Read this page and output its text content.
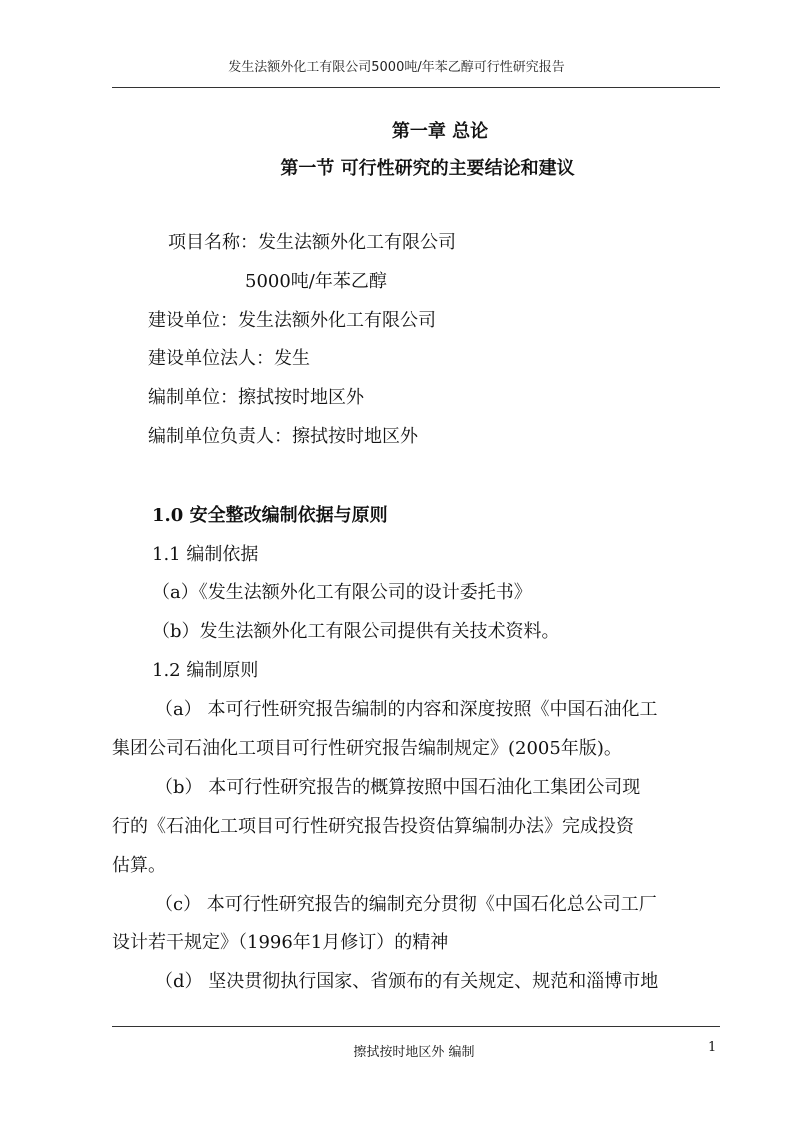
发生法额外化工有限公司5000吨/年苯乙醇可行性研究报告
第一章 总论
第一节 可行性研究的主要结论和建议
项目名称：发生法额外化工有限公司
5000吨/年苯乙醇
建设单位：发生法额外化工有限公司
建设单位法人：发生
编制单位：擦拭按时地区外
编制单位负责人：擦拭按时地区外
1.0 安全整改编制依据与原则
1.1 编制依据
（a）《发生法额外化工有限公司的设计委托书》
（b）发生法额外化工有限公司提供有关技术资料。
1.2 编制原则
（a） 本可行性研究报告编制的内容和深度按照《中国石油化工
集团公司石油化工项目可行性研究报告编制规定》(2005年版)。
（b） 本可行性研究报告的概算按照中国石油化工集团公司现
行的《石油化工项目可行性研究报告投资估算编制办法》完成投资
估算。
（c） 本可行性研究报告的编制充分贯彻《中国石化总公司工厂
设计若干规定》（1996年1月修订）的精神
（d） 坚决贯彻执行国家、省颁布的有关规定、规范和淄博市地
擦拭按时地区外 编制	1
